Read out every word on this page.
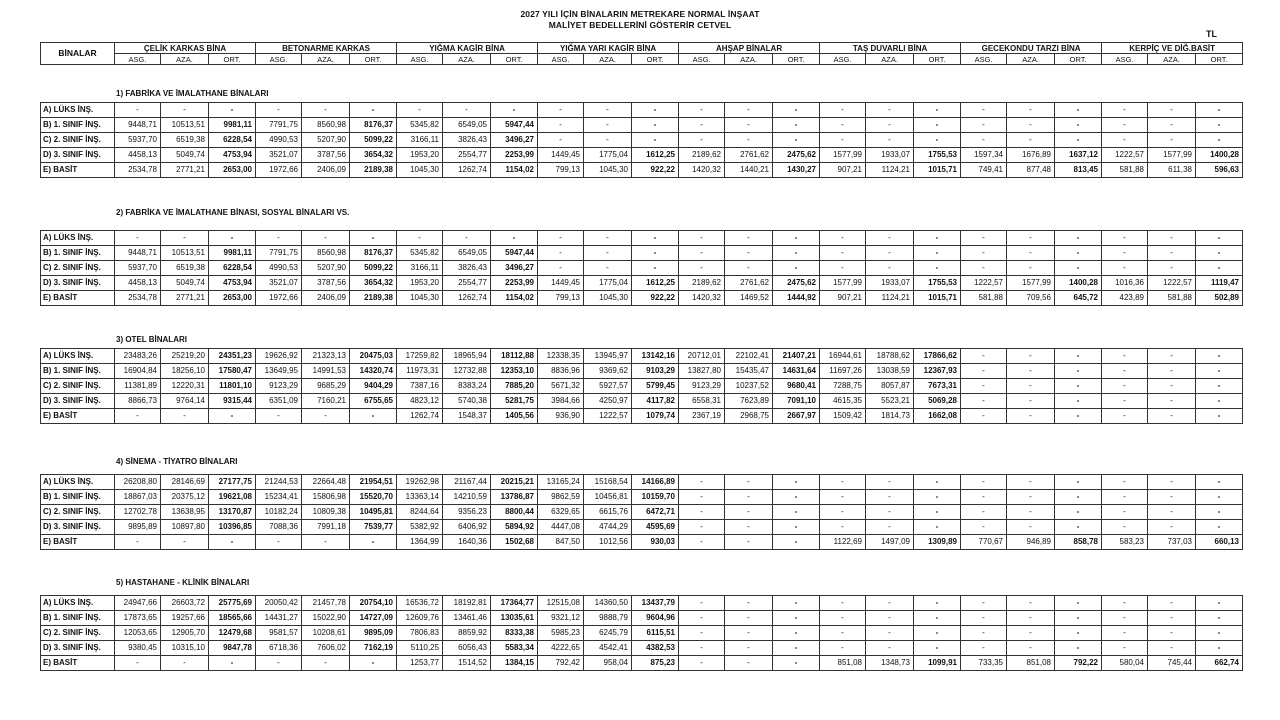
2027 YILI İÇİN BİNALARIN METREKARE NORMAL İNŞAAT
MALİYET BEDELLERİNİ GÖSTERİR CETVEL
TL
BİNALAR	ÇELİK KARKAS BİNA			BETONARME KARKAS			YIĞMA KAGİR BİNA			YIĞMA YARI KAGİR BİNA			AHŞAP BİNALAR			TAŞ DUVARLI BİNA			GECEKONDU TARZI BİNA			KERPİÇ VE DİĞ.BASİT		
	ASG.	AZA.	ORT.	ASG.	AZA.	ORT.	ASG.	AZA.	ORT.	ASG.	AZA.	ORT.	ASG.	AZA.	ORT.	ASG.	AZA.	ORT.	ASG.	AZA.	ORT.	ASG.	AZA.	ORT.
1) FABRİKA VE İMALATHANE BİNALARI
A) LÜKS İNŞ.	-	-	-	-	-	-	-	-	-	-	-	-	-	-	-	-	-	-	-	-	-	-	-	-
B) 1. SINIF İNŞ.	9448,71	10513,51	9981,11	7791,75	8560,98	8176,37	5345,82	6549,05	5947,44	-	-	-	-	-	-	-	-	-	-	-	-	-	-	-
C) 2. SINIF İNŞ.	5937,70	6519,38	6228,54	4990,53	5207,90	5099,22	3166,11	3826,43	3496,27	-	-	-	-	-	-	-	-	-	-	-	-	-	-	-
D) 3. SINIF İNŞ.	4458,13	5049,74	4753,94	3521,07	3787,56	3654,32	1953,20	2554,77	2253,99	1449,45	1775,04	1612,25	2189,62	2761,62	2475,62	1577,99	1933,07	1755,53	1597,34	1676,89	1637,12	1222,57	1577,99	1400,28
E) BASİT	2534,78	2771,21	2653,00	1972,66	2406,09	2189,38	1045,30	1262,74	1154,02	799,13	1045,30	922,22	1420,32	1440,21	1430,27	907,21	1124,21	1015,71	749,41	877,48	813,45	581,88	611,38	596,63
2) FABRİKA VE İMALATHANE BİNASI, SOSYAL BİNALARI VS.
A) LÜKS İNŞ.	-	-	-	-	-	-	-	-	-	-	-	-	-	-	-	-	-	-	-	-	-	-	-	-
B) 1. SINIF İNŞ.	9448,71	10513,51	9981,11	7791,75	8560,98	8176,37	5345,82	6549,05	5947,44	-	-	-	-	-	-	-	-	-	-	-	-	-	-	-
C) 2. SINIF İNŞ.	5937,70	6519,38	6228,54	4990,53	5207,90	5099,22	3166,11	3826,43	3496,27	-	-	-	-	-	-	-	-	-	-	-	-	-	-	-
D) 3. SINIF İNŞ.	4458,13	5049,74	4753,94	3521,07	3787,56	3654,32	1953,20	2554,77	2253,99	1449,45	1775,04	1612,25	2189,62	2761,62	2475,62	1577,99	1933,07	1755,53	1222,57	1577,99	1400,28	1016,36	1222,57	1119,47
E) BASİT	2534,78	2771,21	2653,00	1972,66	2406,09	2189,38	1045,30	1262,74	1154,02	799,13	1045,30	922,22	1420,32	1469,52	1444,92	907,21	1124,21	1015,71	581,88	709,56	645,72	423,89	581,88	502,89
3) OTEL BİNALARI
A) LÜKS İNŞ.	23483,26	25219,20	24351,23	19626,92	21323,13	20475,03	17259,82	18965,94	18112,88	12338,35	13945,97	13142,16	20712,01	22102,41	21407,21	16944,61	18788,62	17866,62	-	-	-	-	-	-
B) 1. SINIF İNŞ.	16904,84	18256,10	17580,47	13649,95	14991,53	14320,74	11973,31	12732,88	12353,10	8836,96	9369,62	9103,29	13827,80	15435,47	14631,64	11697,26	13038,59	12367,93	-	-	-	-	-	-
C) 2. SINIF İNŞ.	11381,89	12220,31	11801,10	9123,29	9685,29	9404,29	7387,16	8383,24	7885,20	5671,32	5927,57	5799,45	9123,29	10237,52	9680,41	7288,75	8057,87	7673,31	-	-	-	-	-	-
D) 3. SINIF İNŞ.	8866,73	9764,14	9315,44	6351,09	7160,21	6755,65	4823,12	5740,38	5281,75	3984,66	4250,97	4117,82	6558,31	7623,89	7091,10	4615,35	5523,21	5069,28	-	-	-	-	-	-
E) BASİT	-	-	-	-	-	-	1262,74	1548,37	1405,56	936,90	1222,57	1079,74	2367,19	2968,75	2667,97	1509,42	1814,73	1662,08	-	-	-	-	-	-
4) SİNEMA - TİYATRO BİNALARI
A) LÜKS İNŞ.	26208,80	28146,69	27177,75	21244,53	22664,48	21954,51	19262,98	21167,44	20215,21	13165,24	15168,54	14166,89	-	-	-	-	-	-	-	-	-	-	-	-
B) 1. SINIF İNŞ.	18867,03	20375,12	19621,08	15234,41	15806,98	15520,70	13363,14	14210,59	13786,87	9862,59	10456,81	10159,70	-	-	-	-	-	-	-	-	-	-	-	-
C) 2. SINIF İNŞ.	12702,78	13638,95	13170,87	10182,24	10809,38	10495,81	8244,64	9356,23	8800,44	6329,65	6615,76	6472,71	-	-	-	-	-	-	-	-	-	-	-	-
D) 3. SINIF İNŞ.	9895,89	10897,80	10396,85	7088,36	7991,18	7539,77	5382,92	6406,92	5894,92	4447,08	4744,29	4595,69	-	-	-	-	-	-	-	-	-	-	-	-
E) BASİT	-	-	-	-	-	-	1364,99	1640,36	1502,68	847,50	1012,56	930,03	-	-	-	1122,69	1497,09	1309,89	770,67	946,89	858,78	583,23	737,03	660,13
5) HASTAHANE - KLİNİK BİNALARI
A) LÜKS İNŞ.	24947,66	26603,72	25775,69	20050,42	21457,78	20754,10	16536,72	18192,81	17364,77	12515,08	14360,50	13437,79	-	-	-	-	-	-	-	-	-	-	-	-
B) 1. SINIF İNŞ.	17873,65	19257,66	18565,66	14431,27	15022,90	14727,09	12609,76	13461,46	13035,61	9321,12	9888,79	9604,96	-	-	-	-	-	-	-	-	-	-	-	-
C) 2. SINIF İNŞ.	12053,65	12905,70	12479,68	9581,57	10208,61	9895,09	7806,83	8859,92	8333,38	5985,23	6245,79	6115,51	-	-	-	-	-	-	-	-	-	-	-	-
D) 3. SINIF İNŞ.	9380,45	10315,10	9847,78	6718,36	7606,02	7162,19	5110,25	6056,43	5583,34	4222,65	4542,41	4382,53	-	-	-	-	-	-	-	-	-	-	-	-
E) BASİT	-	-	-	-	-	-	1253,77	1514,52	1384,15	792,42	958,04	875,23	-	-	-	851,08	1348,73	1099,91	733,35	851,08	792,22	580,04	745,44	662,74
